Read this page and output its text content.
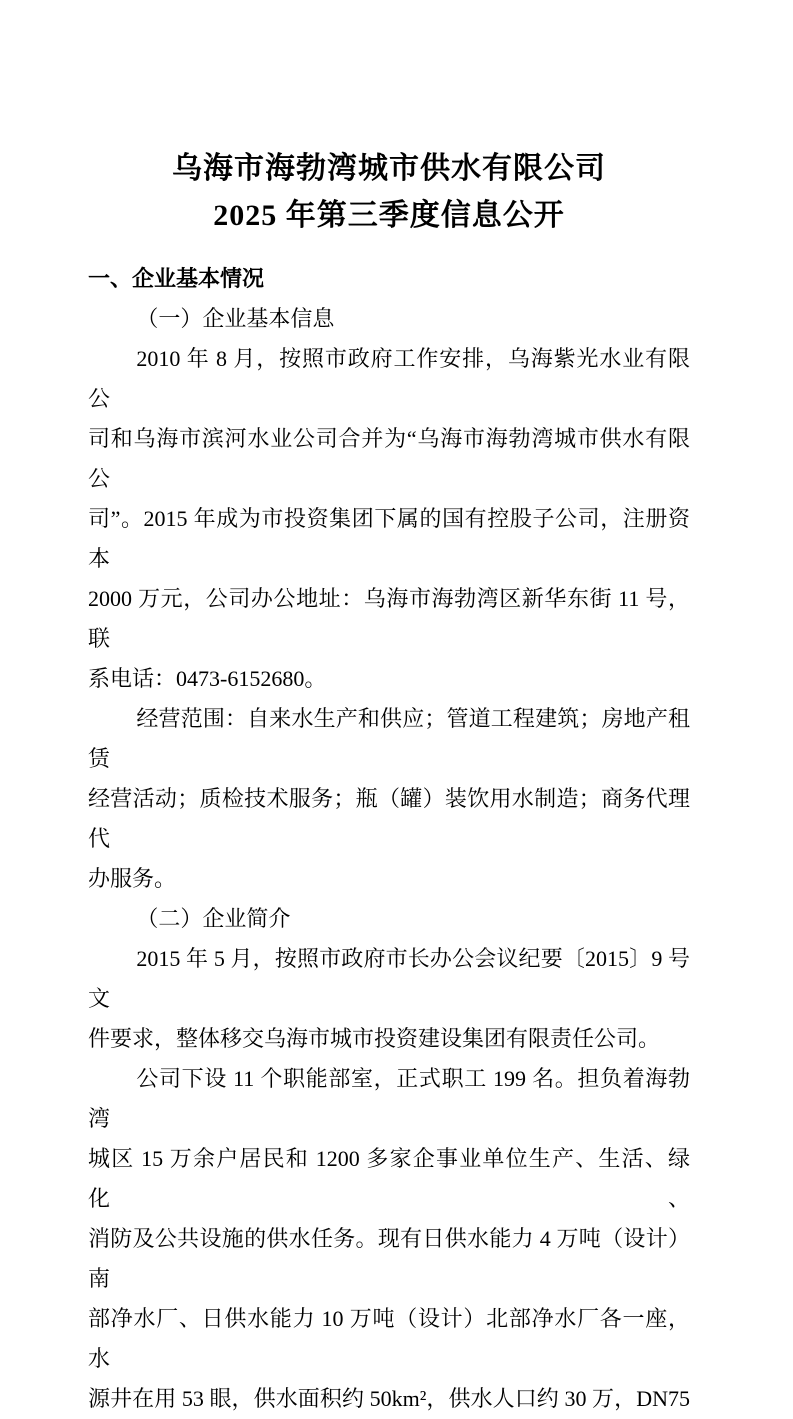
乌海市海勃湾城市供水有限公司
2025 年第三季度信息公开
一、企业基本情况
（一）企业基本信息
2010 年 8 月，按照市政府工作安排，乌海紫光水业有限公
司和乌海市滨河水业公司合并为“乌海市海勃湾城市供水有限公
司”。2015 年成为市投资集团下属的国有控股子公司，注册资本
2000 万元，公司办公地址：乌海市海勃湾区新华东街 11 号，联
系电话：0473-6152680。
经营范围：自来水生产和供应；管道工程建筑；房地产租赁
经营活动；质检技术服务；瓶（罐）装饮用水制造；商务代理代
办服务。
（二）企业简介
2015 年 5 月，按照市政府市长办公会议纪要〔2015〕9 号文
件要求，整体移交乌海市城市投资建设集团有限责任公司。
公司下设 11 个职能部室，正式职工 199 名。担负着海勃湾
城区 15 万余户居民和 1200 多家企事业单位生产、生活、绿化、
消防及公共设施的供水任务。现有日供水能力 4 万吨（设计）南
部净水厂、日供水能力 10 万吨（设计）北部净水厂各一座，水
源井在用 53 眼，供水面积约 50km²，供水人口约 30 万，DN75
